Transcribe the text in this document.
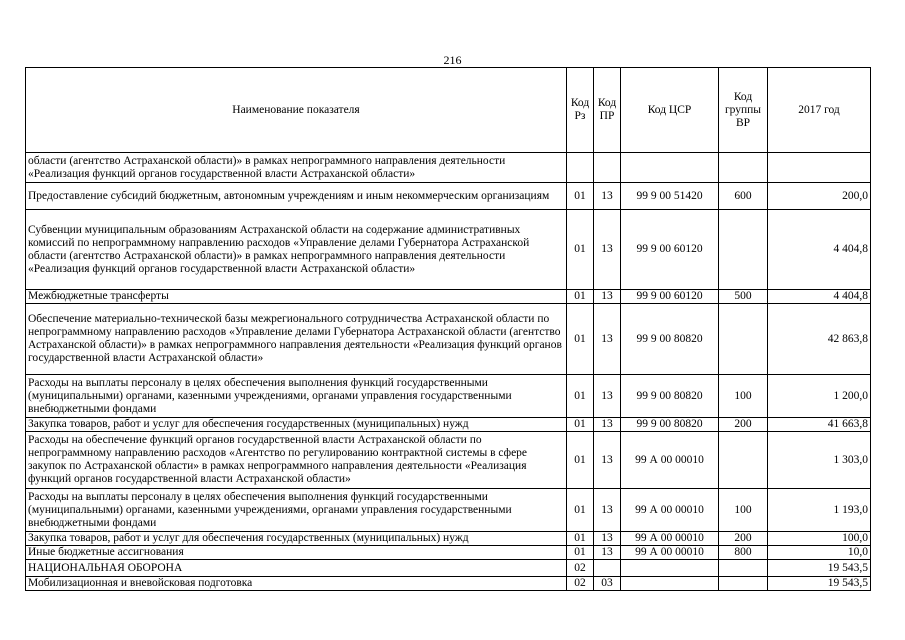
216
Наименование показателя	Код Рз	Код ПР	Код ЦСР	Код группы ВР	2017 год
области (агентство Астраханской области)» в рамках непрограммного направления деятельности «Реализация функций органов государственной власти Астраханской области»					
Предоставление субсидий бюджетным, автономным учреждениям и иным некоммерческим организациям	01	13	99 9 00 51420	600	200,0
Субвенции муниципальным образованиям Астраханской области на содержание административных комиссий по непрограммному направлению расходов «Управление делами Губернатора Астраханской области (агентство Астраханской области)» в рамках непрограммного направления деятельности «Реализация функций органов государственной власти Астраханской области»	01	13	99 9 00 60120		4 404,8
Межбюджетные трансферты	01	13	99 9 00 60120	500	4 404,8
Обеспечение материально-технической базы межрегионального сотрудничества Астраханской области по непрограммному направлению расходов «Управление делами Губернатора Астраханской области (агентство Астраханской области)» в рамках непрограммного направления деятельности «Реализация функций органов государственной власти Астраханской области»	01	13	99 9 00 80820		42 863,8
Расходы на выплаты персоналу в целях обеспечения выполнения функций государственными (муниципальными) органами, казенными учреждениями, органами управления государственными внебюджетными фондами	01	13	99 9 00 80820	100	1 200,0
Закупка товаров, работ и услуг для обеспечения государственных (муниципальных) нужд	01	13	99 9 00 80820	200	41 663,8
Расходы на обеспечение функций органов государственной власти Астраханской области по непрограммному направлению расходов «Агентство по регулированию контрактной системы в сфере закупок по Астраханской области» в рамках непрограммного направления деятельности «Реализация функций органов государственной власти Астраханской области»	01	13	99 А 00 00010		1 303,0
Расходы на выплаты персоналу в целях обеспечения выполнения функций государственными (муниципальными) органами, казенными учреждениями, органами управления государственными внебюджетными фондами	01	13	99 А 00 00010	100	1 193,0
Закупка товаров, работ и услуг для обеспечения государственных (муниципальных) нужд	01	13	99 А 00 00010	200	100,0
Иные бюджетные ассигнования	01	13	99 А 00 00010	800	10,0
НАЦИОНАЛЬНАЯ ОБОРОНА	02				19 543,5
Мобилизационная и вневойсковая подготовка	02	03			19 543,5
